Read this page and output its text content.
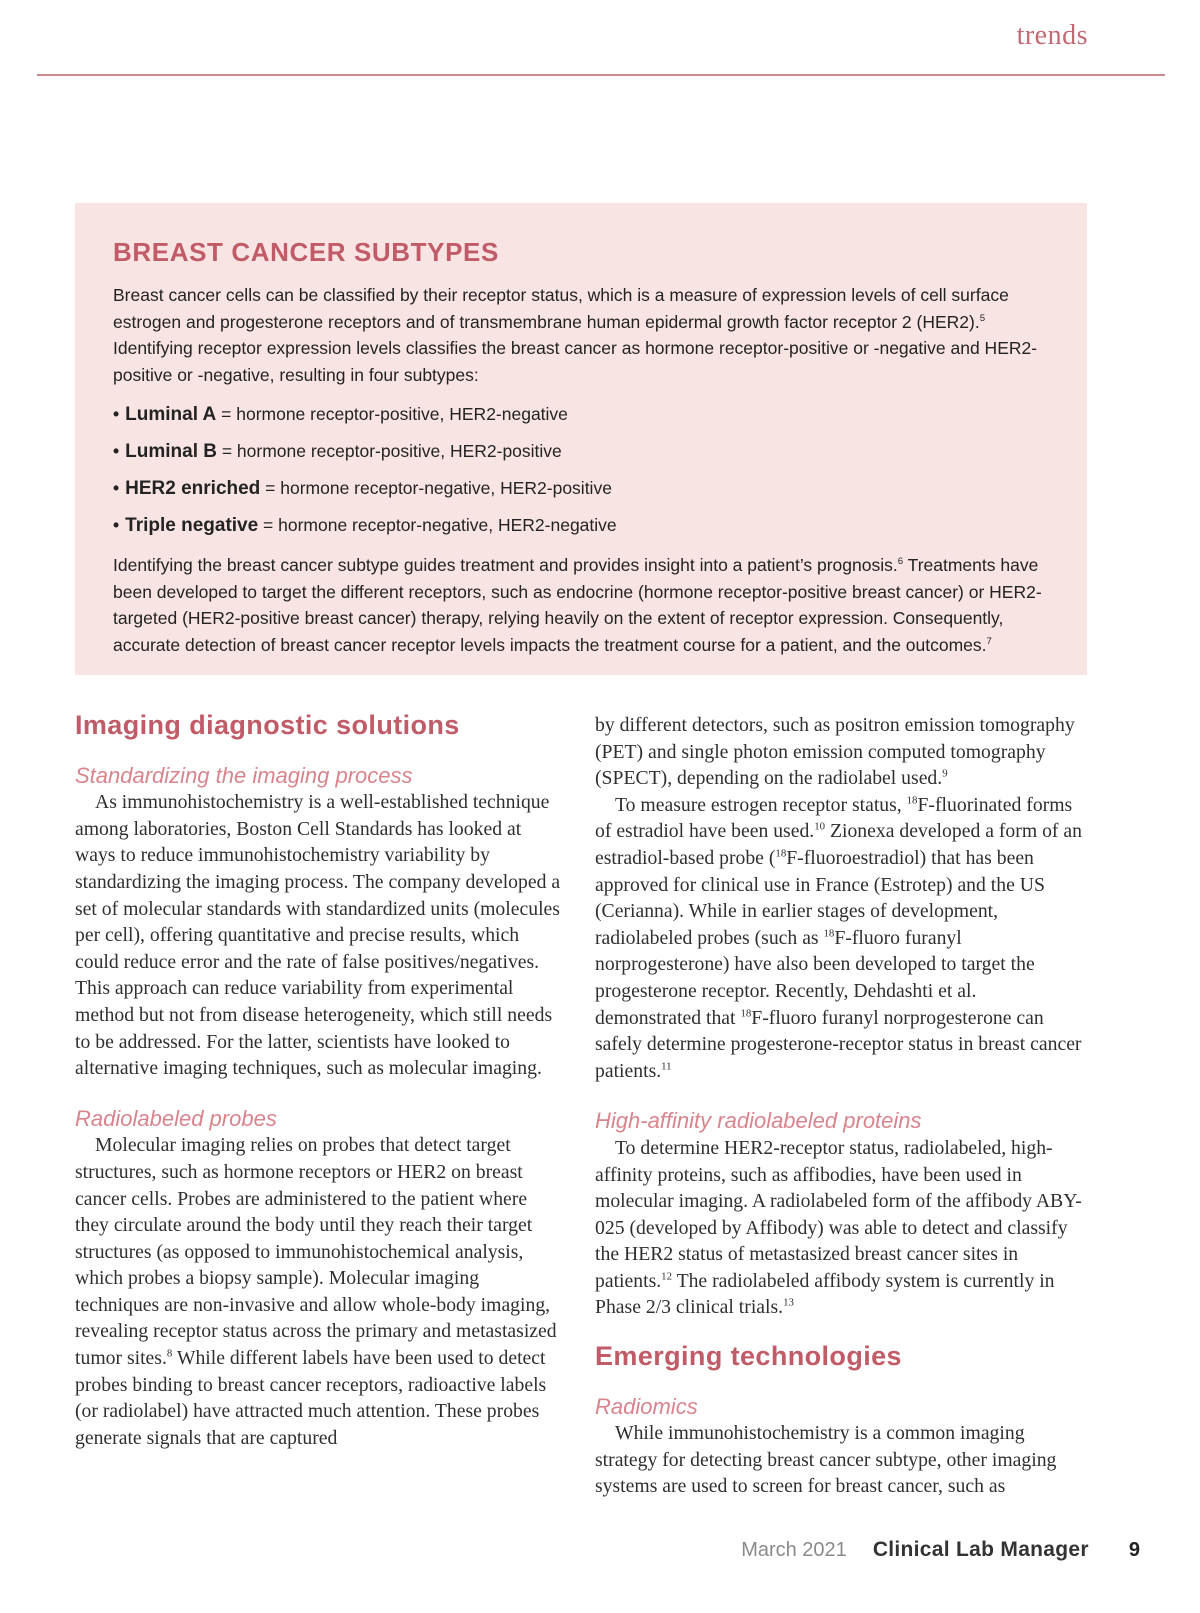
trends
BREAST CANCER SUBTYPES

Breast cancer cells can be classified by their receptor status, which is a measure of expression levels of cell surface estrogen and progesterone receptors and of transmembrane human epidermal growth factor receptor 2 (HER2).$^5$ Identifying receptor expression levels classifies the breast cancer as hormone receptor-positive or -negative and HER2-positive or -negative, resulting in four subtypes:

• Luminal A = hormone receptor-positive, HER2-negative
• Luminal B = hormone receptor-positive, HER2-positive
• HER2 enriched = hormone receptor-negative, HER2-positive
• Triple negative = hormone receptor-negative, HER2-negative

Identifying the breast cancer subtype guides treatment and provides insight into a patient’s prognosis.$^6$ Treatments have been developed to target the different receptors, such as endocrine (hormone receptor-positive breast cancer) or HER2-targeted (HER2-positive breast cancer) therapy, relying heavily on the extent of receptor expression. Consequently, accurate detection of breast cancer receptor levels impacts the treatment course for a patient, and the outcomes.$^7$

Imaging diagnostic solutions
Standardizing the imaging process

As immunohistochemistry is a well-established technique among laboratories, Boston Cell Standards has looked at ways to reduce immunohistochemistry variability by standardizing the imaging process. The company developed a set of molecular standards with standardized units (molecules per cell), offering quantitative and precise results, which could reduce error and the rate of false positives/negatives. This approach can reduce variability from experimental method but not from disease heterogeneity, which still needs to be addressed. For the latter, scientists have looked to alternative imaging techniques, such as molecular imaging.

Radiolabeled probes

Molecular imaging relies on probes that detect target structures, such as hormone receptors or HER2 on breast cancer cells. Probes are administered to the patient where they circulate around the body until they reach their target structures (as opposed to immunohistochemical analysis, which probes a biopsy sample). Molecular imaging techniques are non-invasive and allow whole-body imaging, revealing receptor status across the primary and metastasized tumor sites.$^8$ While different labels have been used to detect probes binding to breast cancer receptors, radioactive labels (or radiolabel) have attracted much attention. These probes generate signals that are captured

by different detectors, such as positron emission tomography (PET) and single photon emission computed tomography (SPECT), depending on the radiolabel used.$^9$

To measure estrogen receptor status, $^{18}$F-fluorinated forms of estradiol have been used.$^{10}$ Zionexa developed a form of an estradiol-based probe ($^{18}$F-fluoroestradiol) that has been approved for clinical use in France (Estrotep) and the US (Cerianna). While in earlier stages of development, radiolabeled probes (such as $^{18}$F-fluoro furanyl norprogesterone) have also been developed to target the progesterone receptor. Recently, Dehdashti et al. demonstrated that $^{18}$F-fluoro furanyl norprogesterone can safely determine progesterone-receptor status in breast cancer patients.$^{11}$

High-affinity radiolabeled proteins

To determine HER2-receptor status, radiolabeled, high-affinity proteins, such as affibodies, have been used in molecular imaging. A radiolabeled form of the affibody ABY-025 (developed by Affibody) was able to detect and classify the HER2 status of metastasized breast cancer sites in patients.$^{12}$ The radiolabeled affibody system is currently in Phase 2/3 clinical trials.$^{13}$

Emerging technologies
Radiomics

While immunohistochemistry is a common imaging strategy for detecting breast cancer subtype, other imaging systems are used to screen for breast cancer, such as

March 2021 Clinical Lab Manager 9
